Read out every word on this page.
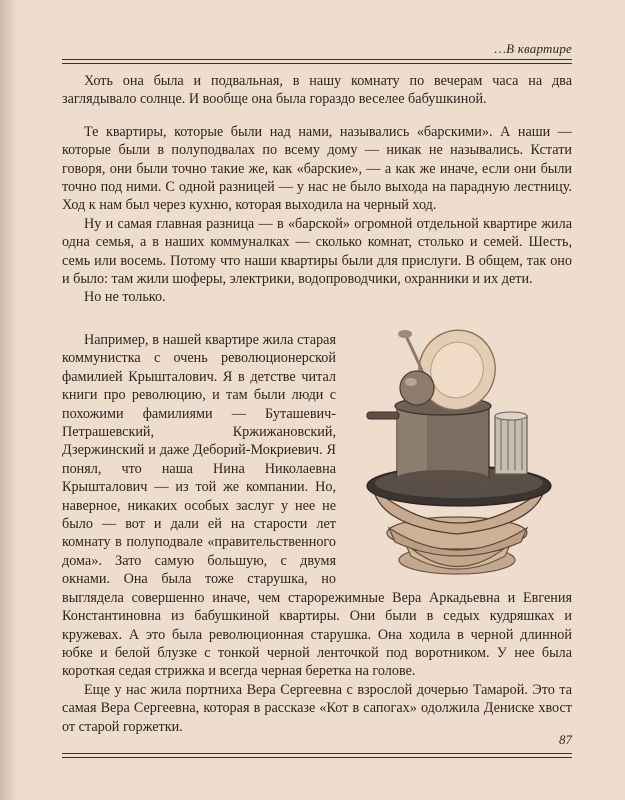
…В квартире

Хоть она была и подвальная, в нашу комнату по вечерам часа на два заглядывало солнце. И вообще она была гораздо веселее бабушкиной.

Те квартиры, которые были над нами, назывались «барскими». А наши — которые были в полуподвалах по всему дому — никак не назывались. Кстати говоря, они были точно такие же, как «барские», — а как же иначе, если они были точно под ними. С одной разницей — у нас не было выхода на парадную лестницу. Ход к нам был через кухню, которая выходила на черный ход.

Ну и самая главная разница — в «барской» огромной отдельной квартире жила одна семья, а в наших коммуналках — сколько комнат, столько и семей. Шесть, семь или восемь. Потому что наши квартиры были для прислуги. В общем, так оно и было: там жили шоферы, электрики, водопроводчики, охранники и их дети.

Но не только.

Например, в нашей квартире жила старая коммунистка с очень революционерской фамилией Крышталович. Я в детстве читал книги про революцию, и там были люди с похожими фамилиями — Буташевич-Петрашевский, Кржижановский, Дзержинский и даже Деборий-Мокриевич. Я понял, что наша Нина Николаевна Крышталович — из той же компании. Но, наверное, никаких особых заслуг у нее не было — вот и дали ей на старости лет комнату в полуподвале «правительственного дома». Зато самую большую, с двумя окнами. Она была тоже старушка, но выглядела совершенно иначе, чем старорежимные Вера Аркадьевна и Евгения Константиновна из бабушкиной квартиры. Они были в седых кудряшках и кружевах. А это была революционная старушка. Она ходила в черной длинной юбке и белой блузке с тонкой черной ленточкой под воротником. У нее была короткая седая стрижка и всегда черная беретка на голове.

Еще у нас жила портниха Вера Сергеевна с взрослой дочерью Тамарой. Это та самая Вера Сергеевна, которая в рассказе «Кот в сапогах» одолжила Дениске хвост от старой горжетки.

87
